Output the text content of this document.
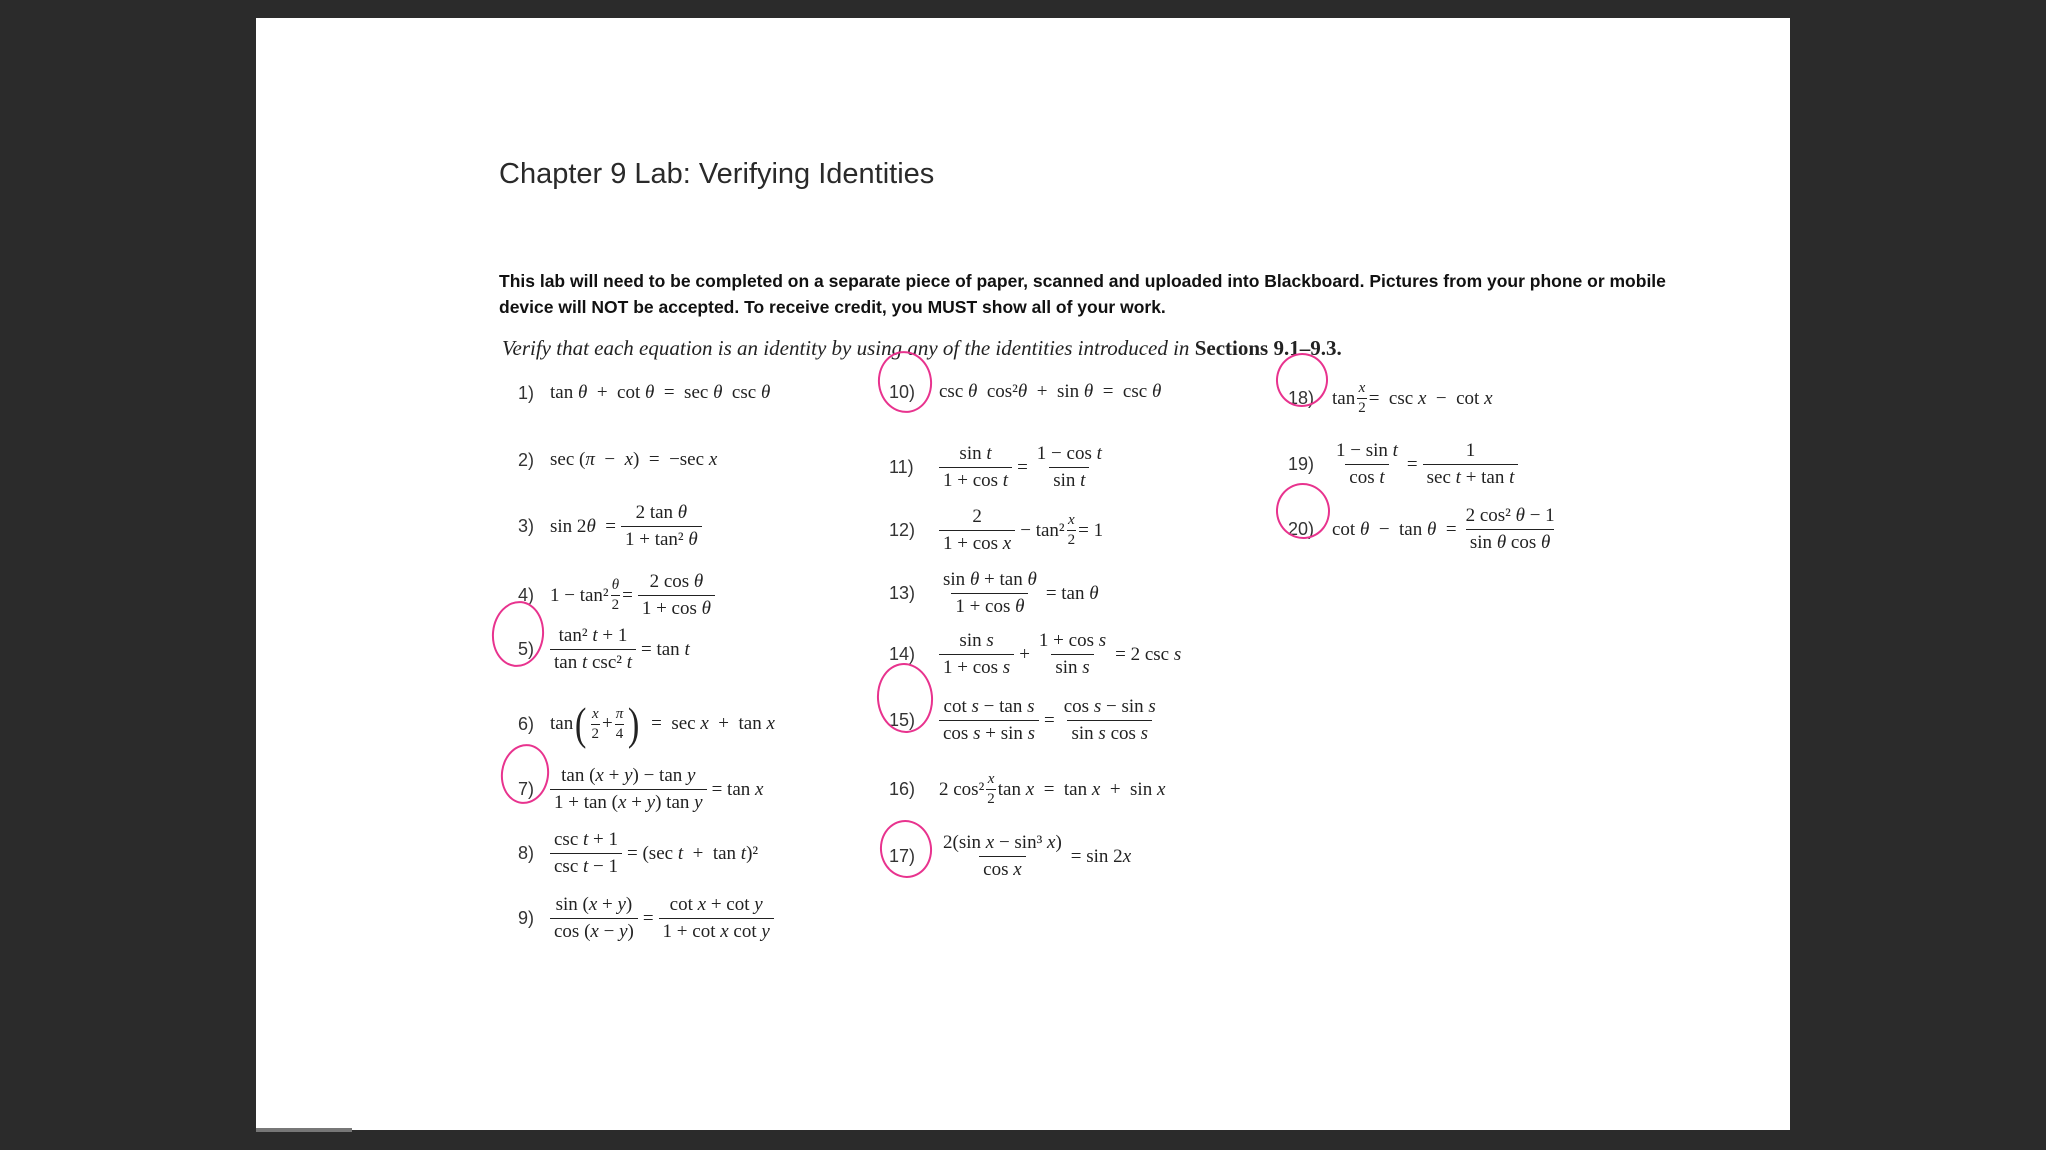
Chapter 9 Lab: Verifying Identities

This lab will need to be completed on a separate piece of paper, scanned and uploaded into Blackboard. Pictures from your phone or mobile device will NOT be accepted. To receive credit, you MUST show all of your work.

Verify that each equation is an identity by using any of the identities introduced in Sections 9.1–9.3.
1) tan θ +  cot θ =  sec θ csc θ
2) sec ( π − x )  =  −sec x
3) sin 2 $\theta = \frac{\text{2 tan θ}}{\text{1 + tan² θ}}$
4) $1 - \tan^2 \frac{\theta}{2} = \frac{\text{2 cos θ}}{\text{1 + cos θ}}$
$5) \frac{\text{tan² t + 1}}{\text{tan t csc² t}} = \tan t$
6) tan ( $\frac{x}{2} + \frac{\pi}{4}$ ) =  sec x +  tan x
$7) \frac{\text{tan (x + y) − tan y}}{\text{1 + tan (x + y) tan y}} = \tan x$
$8) \frac{\text{csc t + 1}}{\text{csc t − 1}} = (\sec$ t +  tan t )²
$9) \frac{\sin (x + y)}{\cos (x - y)} = \frac{\text{cot x + cot y}}{\text{1 + cot x cot y}}$
10)	csc θ cos² θ +  sin θ =  csc θ
11)	$\frac{\text{sin t}}{\text{1 + cos t}} = \frac{\text{1 − cos t}}{\text{sin t}}$
12)	$\frac{2}{\text{1 + cos x}} - \tan^2 \frac{x}{2} = 1$
13)	$\frac{\text{sin θ + tan θ}}{\text{1 + cos θ}} = \tan \theta$
14)	$\frac{\text{sin s}}{\text{1 + cos s}} + \frac{\text{1 + cos s}}{\text{sin s}} = 2$ csc s
15)	$\frac{\text{cot s − tan s}}{\text{cos s + sin s}} = \frac{\text{cos s − sin s}}{\text{sin s cos s}}$
16)	2 $\cos^2 \frac{x}{2}$ tan x =  tan x +  sin x
17)	$\frac{\text{2(sin x − sin³ x)}}{\text{cos x}} = \sin 2$ x
18) $\tan \frac{x}{2} = \csc x - \cot x$
$19) \frac{\text{1 − sin t}}{\text{cos t}} = \frac{1}{\text{sec t + tan t}}$
20) $\cot \theta - \tan \theta = \frac{\text{2 cos² θ − 1}}{\text{sin θ cos θ}}$
